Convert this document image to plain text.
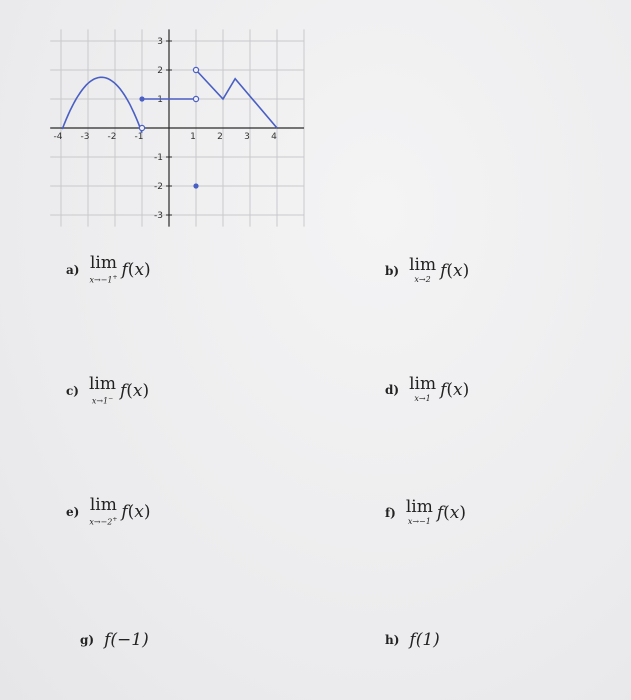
-4 -3 -2 -1	1 2 3 4
3
2
1
-1
-2
-3
a) lim
x→−1+ f(x)	b) lim
x→2 f(x)
c) lim
x→1− f(x)	d) lim
x→1 f(x)
e) lim
x→−2+ f(x)	f) lim
x→−1 f(x)
g) f(−1)	h) f(1)
